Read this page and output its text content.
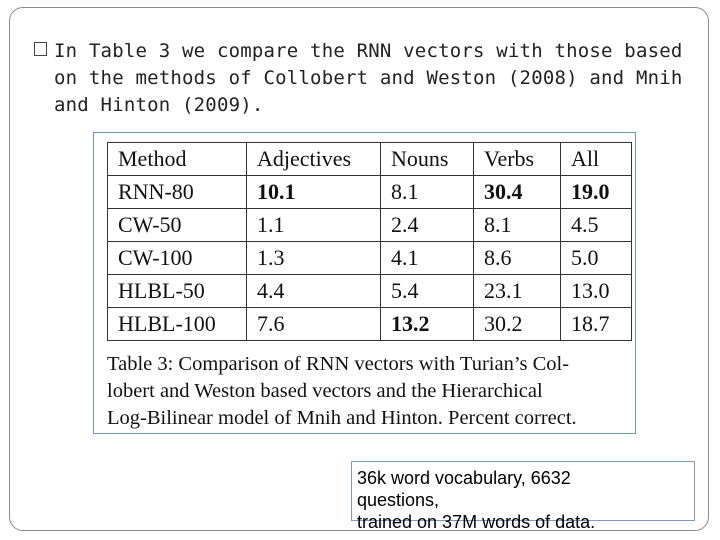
In Table 3 we compare the RNN vectors with those based
on the methods of Collobert and Weston (2008) and Mnih
and Hinton (2009).

Method	Adjectives	Nouns	Verbs	All
RNN-80	10.1	8.1	30.4	19.0
CW-50	1.1	2.4	8.1	4.5
CW-100	1.3	4.1	8.6	5.0
HLBL-50	4.4	5.4	23.1	13.0
HLBL-100	7.6	13.2	30.2	18.7

Table 3: Comparison of RNN vectors with Turian’s Col-
lobert and Weston based vectors and the Hierarchical
Log-Bilinear model of Mnih and Hinton. Percent correct.

36k word vocabulary, 6632
questions,
trained on 37M words of data.
